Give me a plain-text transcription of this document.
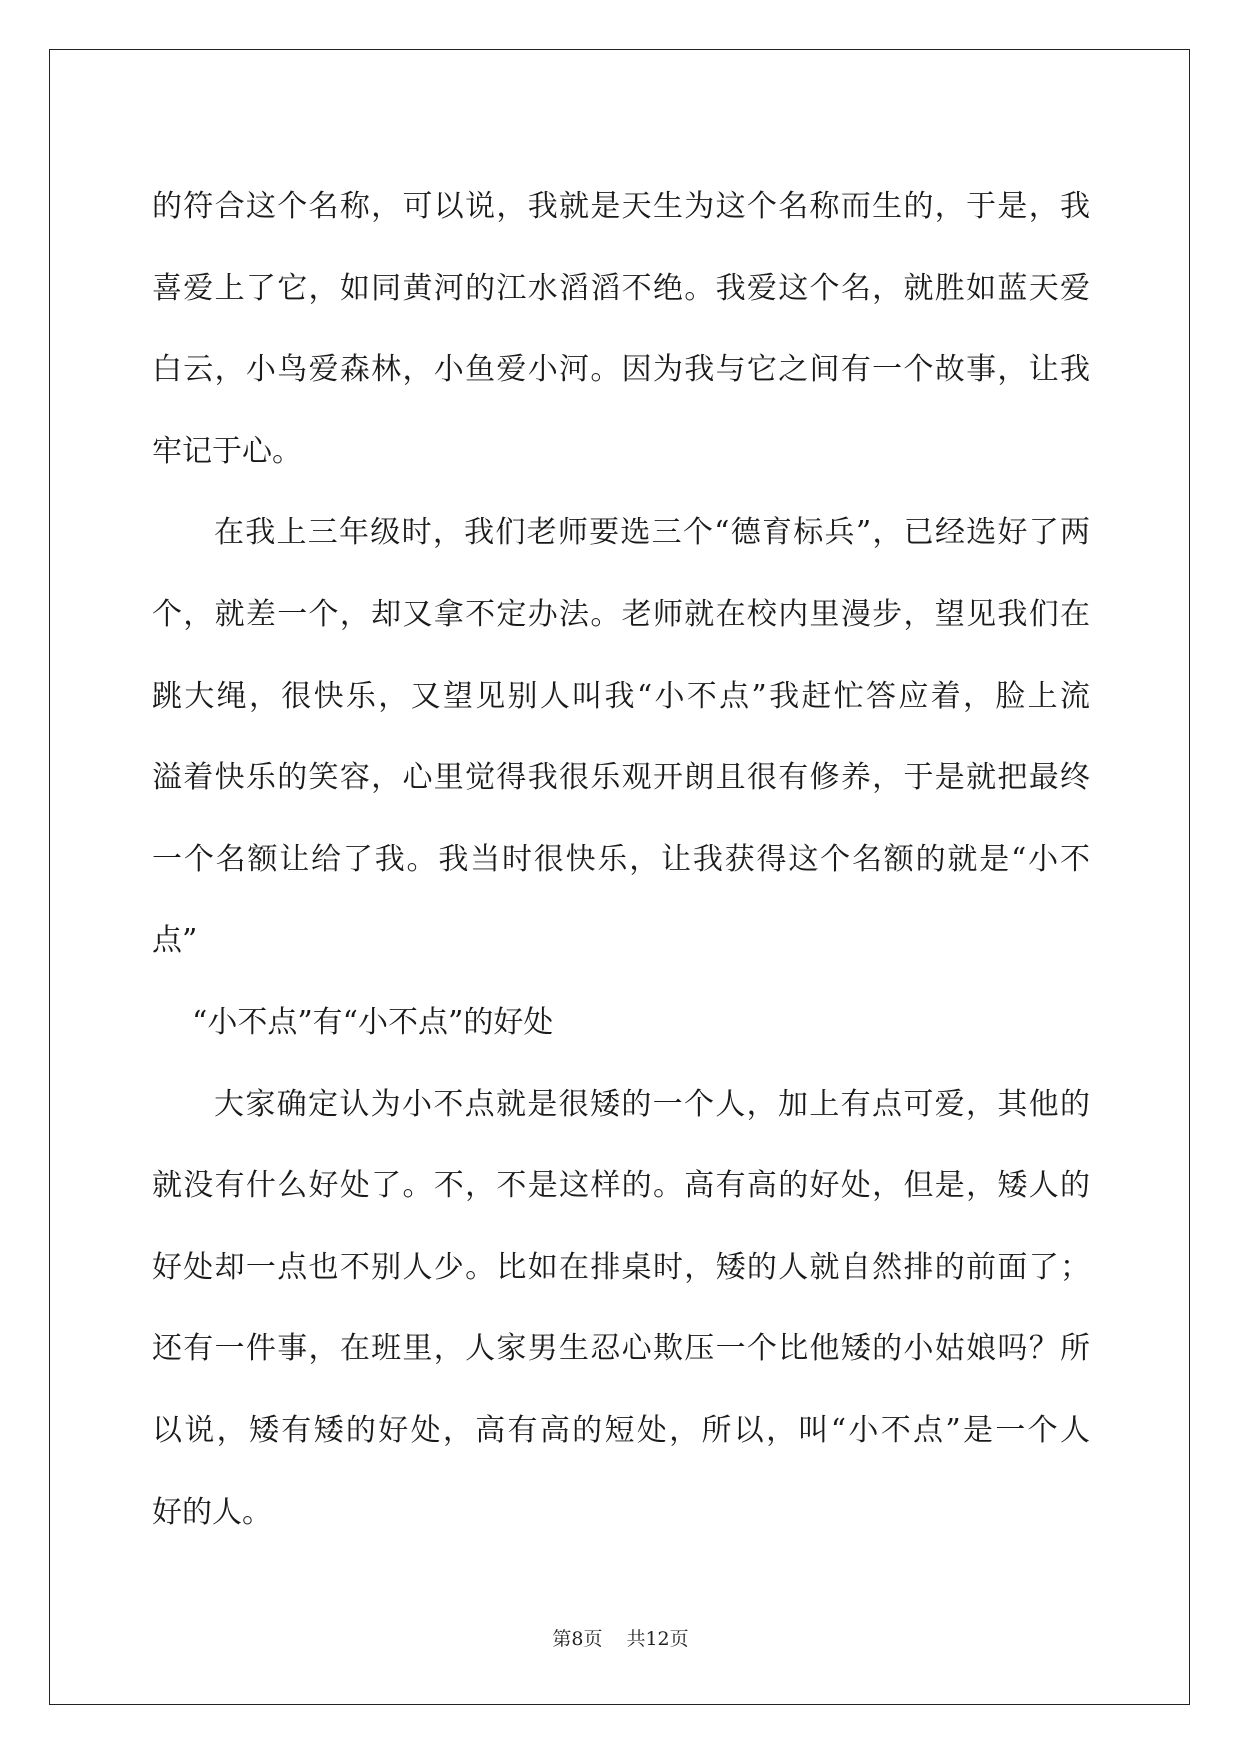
的符合这个名称，可以说，我就是天生为这个名称而生的，于是，我
喜爱上了它，如同黄河的江水滔滔不绝。我爱这个名，就胜如蓝天爱
白云，小鸟爱森林，小鱼爱小河。因为我与它之间有一个故事，让我
牢记于心。
在我上三年级时，我们老师要选三个“德育标兵”，已经选好了两
个，就差一个，却又拿不定办法。老师就在校内里漫步，望见我们在
跳大绳，很快乐，又望见别人叫我“小不点”我赶忙答应着，脸上流
溢着快乐的笑容，心里觉得我很乐观开朗且很有修养，于是就把最终
一个名额让给了我。我当时很快乐，让我获得这个名额的就是“小不
点”
“小不点”有“小不点”的好处
大家确定认为小不点就是很矮的一个人，加上有点可爱，其他的
就没有什么好处了。不，不是这样的。高有高的好处，但是，矮人的
好处却一点也不别人少。比如在排桌时，矮的人就自然排的前面了；
还有一件事，在班里，人家男生忍心欺压一个比他矮的小姑娘吗？所
以说，矮有矮的好处，高有高的短处，所以，叫“小不点”是一个人
好的人。
第8页 共12页
